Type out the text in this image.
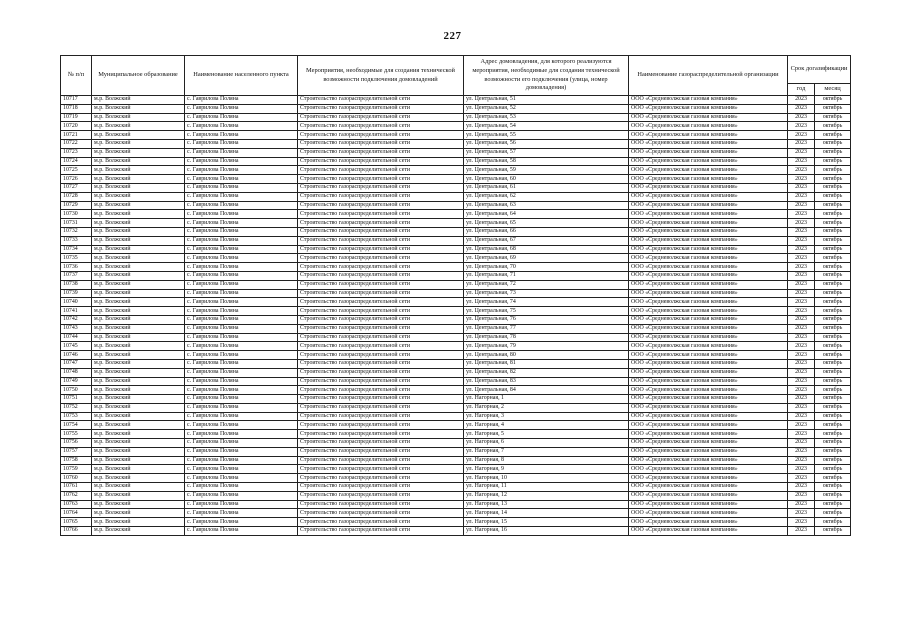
227
№ п/п	Муниципальное образование	Наименование населенного пункта	Мероприятия, необходимые для создания технической возможности подключения домовладений	Адрес домовладения, для которого реализуются мероприятия, необходимые для создания технической возможности его подключения (улица, номер домовладения)	Наименование газораспределительной организации	Срок догазификации	
						год	месяц
10717	м.р. Волжский	с. Гаврилова Поляна	Строительство газораспределительной сети	ул. Центральная, 51	ООО «Средневолжская газовая компания»	2023	октябрь
10718	м.р. Волжский	с. Гаврилова Поляна	Строительство газораспределительной сети	ул. Центральная, 52	ООО «Средневолжская газовая компания»	2023	октябрь
10719	м.р. Волжский	с. Гаврилова Поляна	Строительство газораспределительной сети	ул. Центральная, 53	ООО «Средневолжская газовая компания»	2023	октябрь
10720	м.р. Волжский	с. Гаврилова Поляна	Строительство газораспределительной сети	ул. Центральная, 54	ООО «Средневолжская газовая компания»	2023	октябрь
10721	м.р. Волжский	с. Гаврилова Поляна	Строительство газораспределительной сети	ул. Центральная, 55	ООО «Средневолжская газовая компания»	2023	октябрь
10722	м.р. Волжский	с. Гаврилова Поляна	Строительство газораспределительной сети	ул. Центральная, 56	ООО «Средневолжская газовая компания»	2023	октябрь
10723	м.р. Волжский	с. Гаврилова Поляна	Строительство газораспределительной сети	ул. Центральная, 57	ООО «Средневолжская газовая компания»	2023	октябрь
10724	м.р. Волжский	с. Гаврилова Поляна	Строительство газораспределительной сети	ул. Центральная, 58	ООО «Средневолжская газовая компания»	2023	октябрь
10725	м.р. Волжский	с. Гаврилова Поляна	Строительство газораспределительной сети	ул. Центральная, 59	ООО «Средневолжская газовая компания»	2023	октябрь
10726	м.р. Волжский	с. Гаврилова Поляна	Строительство газораспределительной сети	ул. Центральная, 60	ООО «Средневолжская газовая компания»	2023	октябрь
10727	м.р. Волжский	с. Гаврилова Поляна	Строительство газораспределительной сети	ул. Центральная, 61	ООО «Средневолжская газовая компания»	2023	октябрь
10728	м.р. Волжский	с. Гаврилова Поляна	Строительство газораспределительной сети	ул. Центральная, 62	ООО «Средневолжская газовая компания»	2023	октябрь
10729	м.р. Волжский	с. Гаврилова Поляна	Строительство газораспределительной сети	ул. Центральная, 63	ООО «Средневолжская газовая компания»	2023	октябрь
10730	м.р. Волжский	с. Гаврилова Поляна	Строительство газораспределительной сети	ул. Центральная, 64	ООО «Средневолжская газовая компания»	2023	октябрь
10731	м.р. Волжский	с. Гаврилова Поляна	Строительство газораспределительной сети	ул. Центральная, 65	ООО «Средневолжская газовая компания»	2023	октябрь
10732	м.р. Волжский	с. Гаврилова Поляна	Строительство газораспределительной сети	ул. Центральная, 66	ООО «Средневолжская газовая компания»	2023	октябрь
10733	м.р. Волжский	с. Гаврилова Поляна	Строительство газораспределительной сети	ул. Центральная, 67	ООО «Средневолжская газовая компания»	2023	октябрь
10734	м.р. Волжский	с. Гаврилова Поляна	Строительство газораспределительной сети	ул. Центральная, 68	ООО «Средневолжская газовая компания»	2023	октябрь
10735	м.р. Волжский	с. Гаврилова Поляна	Строительство газораспределительной сети	ул. Центральная, 69	ООО «Средневолжская газовая компания»	2023	октябрь
10736	м.р. Волжский	с. Гаврилова Поляна	Строительство газораспределительной сети	ул. Центральная, 70	ООО «Средневолжская газовая компания»	2023	октябрь
10737	м.р. Волжский	с. Гаврилова Поляна	Строительство газораспределительной сети	ул. Центральная, 71	ООО «Средневолжская газовая компания»	2023	октябрь
10738	м.р. Волжский	с. Гаврилова Поляна	Строительство газораспределительной сети	ул. Центральная, 72	ООО «Средневолжская газовая компания»	2023	октябрь
10739	м.р. Волжский	с. Гаврилова Поляна	Строительство газораспределительной сети	ул. Центральная, 73	ООО «Средневолжская газовая компания»	2023	октябрь
10740	м.р. Волжский	с. Гаврилова Поляна	Строительство газораспределительной сети	ул. Центральная, 74	ООО «Средневолжская газовая компания»	2023	октябрь
10741	м.р. Волжский	с. Гаврилова Поляна	Строительство газораспределительной сети	ул. Центральная, 75	ООО «Средневолжская газовая компания»	2023	октябрь
10742	м.р. Волжский	с. Гаврилова Поляна	Строительство газораспределительной сети	ул. Центральная, 76	ООО «Средневолжская газовая компания»	2023	октябрь
10743	м.р. Волжский	с. Гаврилова Поляна	Строительство газораспределительной сети	ул. Центральная, 77	ООО «Средневолжская газовая компания»	2023	октябрь
10744	м.р. Волжский	с. Гаврилова Поляна	Строительство газораспределительной сети	ул. Центральная, 78	ООО «Средневолжская газовая компания»	2023	октябрь
10745	м.р. Волжский	с. Гаврилова Поляна	Строительство газораспределительной сети	ул. Центральная, 79	ООО «Средневолжская газовая компания»	2023	октябрь
10746	м.р. Волжский	с. Гаврилова Поляна	Строительство газораспределительной сети	ул. Центральная, 80	ООО «Средневолжская газовая компания»	2023	октябрь
10747	м.р. Волжский	с. Гаврилова Поляна	Строительство газораспределительной сети	ул. Центральная, 81	ООО «Средневолжская газовая компания»	2023	октябрь
10748	м.р. Волжский	с. Гаврилова Поляна	Строительство газораспределительной сети	ул. Центральная, 82	ООО «Средневолжская газовая компания»	2023	октябрь
10749	м.р. Волжский	с. Гаврилова Поляна	Строительство газораспределительной сети	ул. Центральная, 83	ООО «Средневолжская газовая компания»	2023	октябрь
10750	м.р. Волжский	с. Гаврилова Поляна	Строительство газораспределительной сети	ул. Центральная, 84	ООО «Средневолжская газовая компания»	2023	октябрь
10751	м.р. Волжский	с. Гаврилова Поляна	Строительство газораспределительной сети	ул. Нагорная, 1	ООО «Средневолжская газовая компания»	2023	октябрь
10752	м.р. Волжский	с. Гаврилова Поляна	Строительство газораспределительной сети	ул. Нагорная, 2	ООО «Средневолжская газовая компания»	2023	октябрь
10753	м.р. Волжский	с. Гаврилова Поляна	Строительство газораспределительной сети	ул. Нагорная, 3	ООО «Средневолжская газовая компания»	2023	октябрь
10754	м.р. Волжский	с. Гаврилова Поляна	Строительство газораспределительной сети	ул. Нагорная, 4	ООО «Средневолжская газовая компания»	2023	октябрь
10755	м.р. Волжский	с. Гаврилова Поляна	Строительство газораспределительной сети	ул. Нагорная, 5	ООО «Средневолжская газовая компания»	2023	октябрь
10756	м.р. Волжский	с. Гаврилова Поляна	Строительство газораспределительной сети	ул. Нагорная, 6	ООО «Средневолжская газовая компания»	2023	октябрь
10757	м.р. Волжский	с. Гаврилова Поляна	Строительство газораспределительной сети	ул. Нагорная, 7	ООО «Средневолжская газовая компания»	2023	октябрь
10758	м.р. Волжский	с. Гаврилова Поляна	Строительство газораспределительной сети	ул. Нагорная, 8	ООО «Средневолжская газовая компания»	2023	октябрь
10759	м.р. Волжский	с. Гаврилова Поляна	Строительство газораспределительной сети	ул. Нагорная, 9	ООО «Средневолжская газовая компания»	2023	октябрь
10760	м.р. Волжский	с. Гаврилова Поляна	Строительство газораспределительной сети	ул. Нагорная, 10	ООО «Средневолжская газовая компания»	2023	октябрь
10761	м.р. Волжский	с. Гаврилова Поляна	Строительство газораспределительной сети	ул. Нагорная, 11	ООО «Средневолжская газовая компания»	2023	октябрь
10762	м.р. Волжский	с. Гаврилова Поляна	Строительство газораспределительной сети	ул. Нагорная, 12	ООО «Средневолжская газовая компания»	2023	октябрь
10763	м.р. Волжский	с. Гаврилова Поляна	Строительство газораспределительной сети	ул. Нагорная, 13	ООО «Средневолжская газовая компания»	2023	октябрь
10764	м.р. Волжский	с. Гаврилова Поляна	Строительство газораспределительной сети	ул. Нагорная, 14	ООО «Средневолжская газовая компания»	2023	октябрь
10765	м.р. Волжский	с. Гаврилова Поляна	Строительство газораспределительной сети	ул. Нагорная, 15	ООО «Средневолжская газовая компания»	2023	октябрь
10766	м.р. Волжский	с. Гаврилова Поляна	Строительство газораспределительной сети	ул. Нагорная, 16	ООО «Средневолжская газовая компания»	2023	октябрь
